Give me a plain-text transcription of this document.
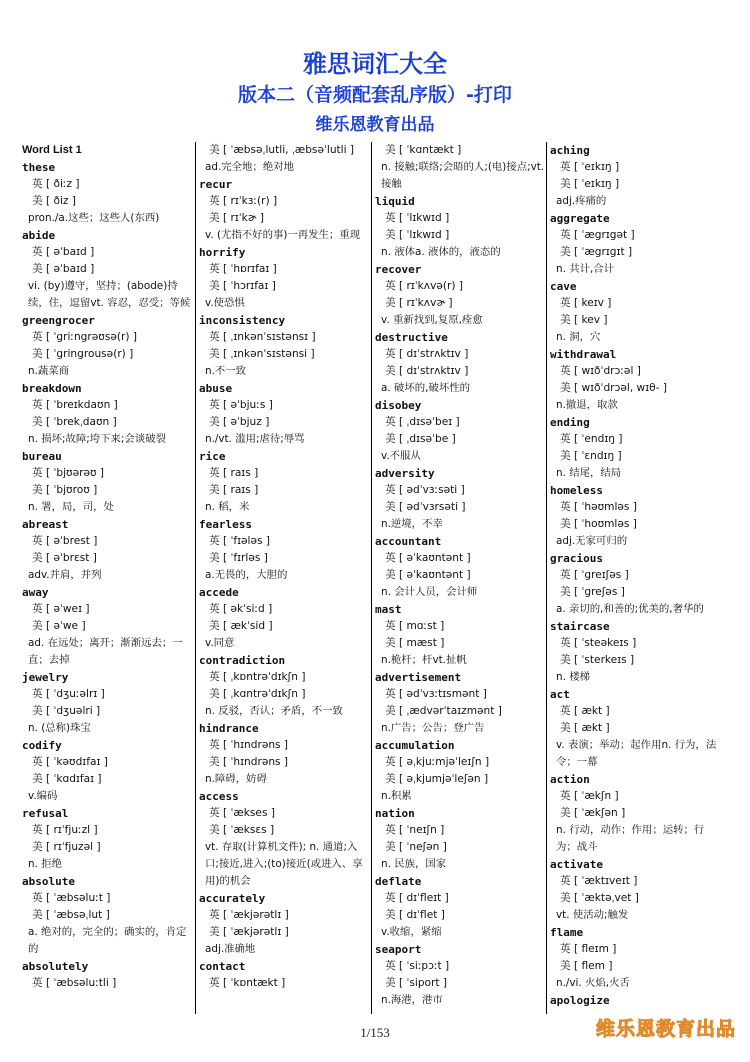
雅思词汇大全
版本二（音频配套乱序版）-打印
维乐恩教育出品
Word List 1
these
英 [ ðiːz ]
美 [ ðiz ]
pron./a.这些；这些人(东西)
abide
英 [ əˈbaɪd ]
美 [ əˈbaɪd ]
vi. (by)遵守，坚持；(abode)持续，住，逗留vt. 容忍，忍受；等候
greengrocer
英 [ ˈgriːngrəʊsə(r) ]
美 [ ˈgringrousə(r) ]
n.蔬菜商
breakdown
英 [ ˈbreɪkdaʊn ]
美 [ ˈbrekˌdaʊn ]
n. 损坏;故障;垮下来;会谈破裂
bureau
英 [ ˈbjʊərəʊ ]
美 [ ˈbjʊroʊ ]
n. 署，局，司，处
abreast
英 [ əˈbrest ]
美 [ əˈbrɛst ]
adv.并肩，并列
away
英 [ əˈweɪ ]
美 [ əˈwe ]
ad. 在远处；离开；渐渐远去；一直；去掉
jewelry
英 [ ˈdʒuːəlrɪ ]
美 [ ˈdʒuəlri ]
n. (总称)珠宝
codify
英 [ ˈkəʊdɪfaɪ ]
美 [ ˈkɑdɪfaɪ ]
v.编码
refusal
英 [ rɪˈfjuːzl ]
美 [ rɪˈfjuzəl ]
n. 拒绝
absolute
英 [ ˈæbsəluːt ]
美 [ ˈæbsəˌlut ]
a. 绝对的，完全的；确实的，肯定的
absolutely
英 [ ˈæbsəluːtli ]
美 [ ˈæbsəˌlutli, ˌæbsəˈlutli ]
ad.完全地；绝对地
recur
英 [ rɪˈkɜː(r) ]
美 [ rɪˈkɚ ]
v. (尤指不好的事)一再发生；重现
horrify
英 [ ˈhɒrɪfaɪ ]
美 [ ˈhɔrɪfaɪ ]
v.使恐惧
inconsistency
英 [ ˌɪnkənˈsɪstənsɪ ]
美 [ ˌɪnkənˈsɪstənsi ]
n.不一致
abuse
英 [ əˈbjuːs ]
美 [ əˈbjuz ]
n./vt. 滥用;虐待;辱骂
rice
英 [ raɪs ]
美 [ raɪs ]
n. 稻，米
fearless
英 [ ˈfɪələs ]
美 [ ˈfɪrləs ]
a.无畏的，大胆的
accede
英 [ əkˈsiːd ]
美 [ ækˈsid ]
v.同意
contradiction
英 [ ˌkɒntrəˈdɪkʃn ]
美 [ ˌkɑntrəˈdɪkʃn ]
n. 反驳，否认；矛盾，不一致
hindrance
英 [ ˈhɪndrəns ]
美 [ ˈhɪndrəns ]
n.障碍，妨碍
access
英 [ ˈækses ]
美 [ ˈæksɛs ]
vt. 存取(计算机文件); n. 通道;入口;接近,进入;(to)接近(或进入、享用)的机会
accurately
英 [ ˈækjərətlɪ ]
美 [ ˈækjərətlɪ ]
adj.准确地
contact
英 [ ˈkɒntækt ]
美 [ ˈkɑntækt ]
n. 接触;联络;会晤的人;(电)接点;vt. 接触
liquid
英 [ ˈlɪkwɪd ]
美 [ ˈlɪkwɪd ]
n. 液体a. 液体的，液态的
recover
英 [ rɪˈkʌvə(r) ]
美 [ rɪˈkʌvɚ ]
v. 重新找到,复原,痊愈
destructive
英 [ dɪˈstrʌktɪv ]
美 [ dɪˈstrʌktɪv ]
a. 破坏的,破坏性的
disobey
英 [ ˌdɪsəˈbeɪ ]
美 [ ˌdɪsəˈbe ]
v.不服从
adversity
英 [ ədˈvɜːsəti ]
美 [ ədˈvɜrsəti ]
n.逆境，不幸
accountant
英 [ əˈkaʊntənt ]
美 [ əˈkaʊntənt ]
n. 会计人员，会计师
mast
英 [ mɑːst ]
美 [ mæst ]
n.桅杆；杆vt.扯帆
advertisement
英 [ ədˈvɜːtɪsmənt ]
美 [ ˌædvərˈtaɪzmənt ]
n.广告；公告；登广告
accumulation
英 [ əˌkjuːmjəˈleɪʃn ]
美 [ əˌkjumjəˈleʃən ]
n.积累
nation
英 [ ˈneɪʃn ]
美 [ ˈneʃən ]
n. 民族，国家
deflate
英 [ dɪˈfleɪt ]
美 [ dɪˈflet ]
v.收缩，紧缩
seaport
英 [ ˈsiːpɔːt ]
美 [ ˈsiport ]
n.海港，港市
aching
英 [ ˈeɪkɪŋ ]
美 [ ˈeɪkɪŋ ]
adj.疼痛的
aggregate
英 [ ˈægrɪgət ]
美 [ ˈægrɪgɪt ]
n. 共计,合计
cave
英 [ keɪv ]
美 [ kev ]
n. 洞，穴
withdrawal
英 [ wɪðˈdrɔːəl ]
美 [ wɪðˈdrɔəl, wɪθ- ]
n.撤退，取款
ending
英 [ ˈendɪŋ ]
美 [ ˈɛndɪŋ ]
n. 结尾，结局
homeless
英 [ ˈhəʊmləs ]
美 [ ˈhoʊmləs ]
adj.无家可归的
gracious
英 [ ˈgreɪʃəs ]
美 [ ˈgreʃəs ]
a. 亲切的,和善的;优美的,奢华的
staircase
英 [ ˈsteəkeɪs ]
美 [ ˈsterkeɪs ]
n. 楼梯
act
英 [ ækt ]
美 [ ækt ]
v. 表演；举动；起作用n. 行为，法令；一幕
action
英 [ ˈækʃn ]
美 [ ˈækʃən ]
n. 行动，动作；作用；运转；行为；战斗
activate
英 [ ˈæktɪveɪt ]
美 [ ˈæktəˌvet ]
vt. 使活动;触发
flame
英 [ fleɪm ]
美 [ flem ]
n./vi. 火焰,火舌
apologize
1/153	维乐恩教育出品
